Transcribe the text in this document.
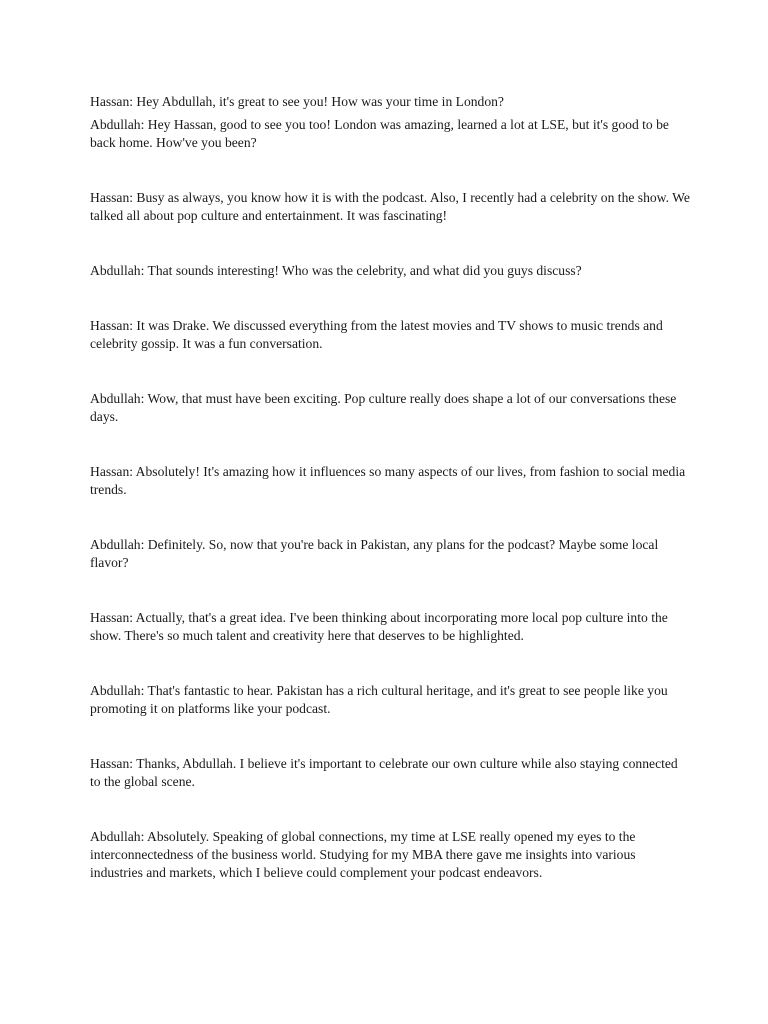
Hassan: Hey Abdullah, it's great to see you! How was your time in London?

Abdullah: Hey Hassan, good to see you too! London was amazing, learned a lot at LSE, but it's good to be back home. How've you been?

Hassan: Busy as always, you know how it is with the podcast. Also, I recently had a celebrity on the show. We talked all about pop culture and entertainment. It was fascinating!

Abdullah: That sounds interesting! Who was the celebrity, and what did you guys discuss?

Hassan: It was Drake. We discussed everything from the latest movies and TV shows to music trends and celebrity gossip. It was a fun conversation.

Abdullah: Wow, that must have been exciting. Pop culture really does shape a lot of our conversations these days.

Hassan: Absolutely! It's amazing how it influences so many aspects of our lives, from fashion to social media trends.

Abdullah: Definitely. So, now that you're back in Pakistan, any plans for the podcast? Maybe some local flavor?

Hassan: Actually, that's a great idea. I've been thinking about incorporating more local pop culture into the show. There's so much talent and creativity here that deserves to be highlighted.

Abdullah: That's fantastic to hear. Pakistan has a rich cultural heritage, and it's great to see people like you promoting it on platforms like your podcast.

Hassan: Thanks, Abdullah. I believe it's important to celebrate our own culture while also staying connected to the global scene.

Abdullah: Absolutely. Speaking of global connections, my time at LSE really opened my eyes to the interconnectedness of the business world. Studying for my MBA there gave me insights into various industries and markets, which I believe could complement your podcast endeavors.
